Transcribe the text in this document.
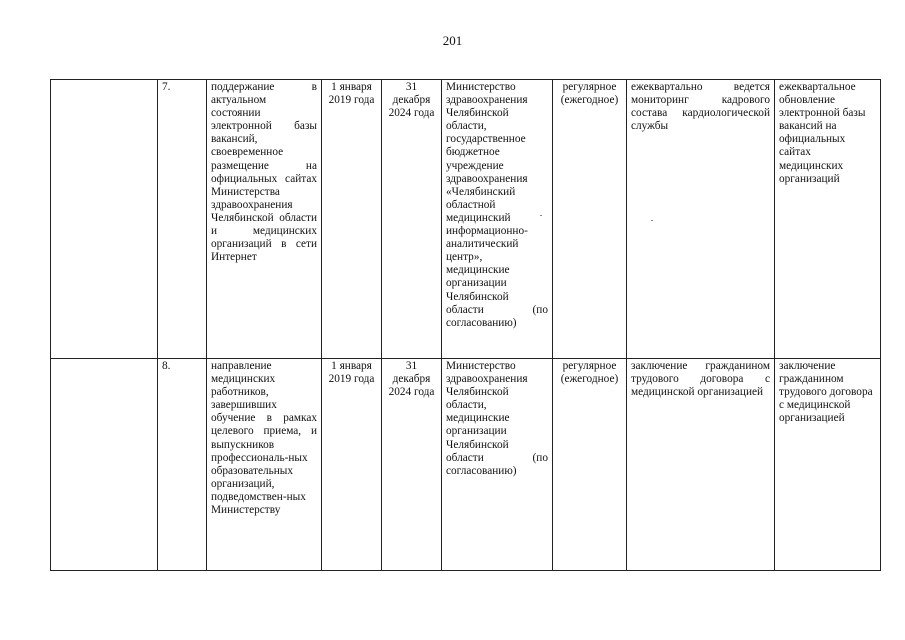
201
	7.	поддержание в актуальном состоянии электронной базы вакансий, своевременное размещение на официальных сайтах Министерства здравоохранения Челябинской области и медицинских организаций в сети Интернет	1 января 2019 года	31 декабря 2024 года	Министерство здравоохранения Челябинской области, государственное бюджетное учреждение здравоохранения «Челябинский областной медицинский информационно-аналитический центр», медицинские организации Челябинской области (по согласованию)	регулярное (ежегодное)	ежеквартально ведется мониторинг кадрового состава кардиологической службы	ежеквартальное обновление электронной базы вакансий на официальных сайтах медицинских организаций
	8.	направление медицинских работников, завершивших обучение в рамках целевого приема, и выпускников профессиональ-ных образовательных организаций, подведомствен-ных Министерству	1 января 2019 года	31 декабря 2024 года	Министерство здравоохранения Челябинской области, медицинские организации Челябинской области (по согласованию)	регулярное (ежегодное)	заключение гражданином трудового договора с медицинской организацией	заключение гражданином трудового договора с медицинской организацией
